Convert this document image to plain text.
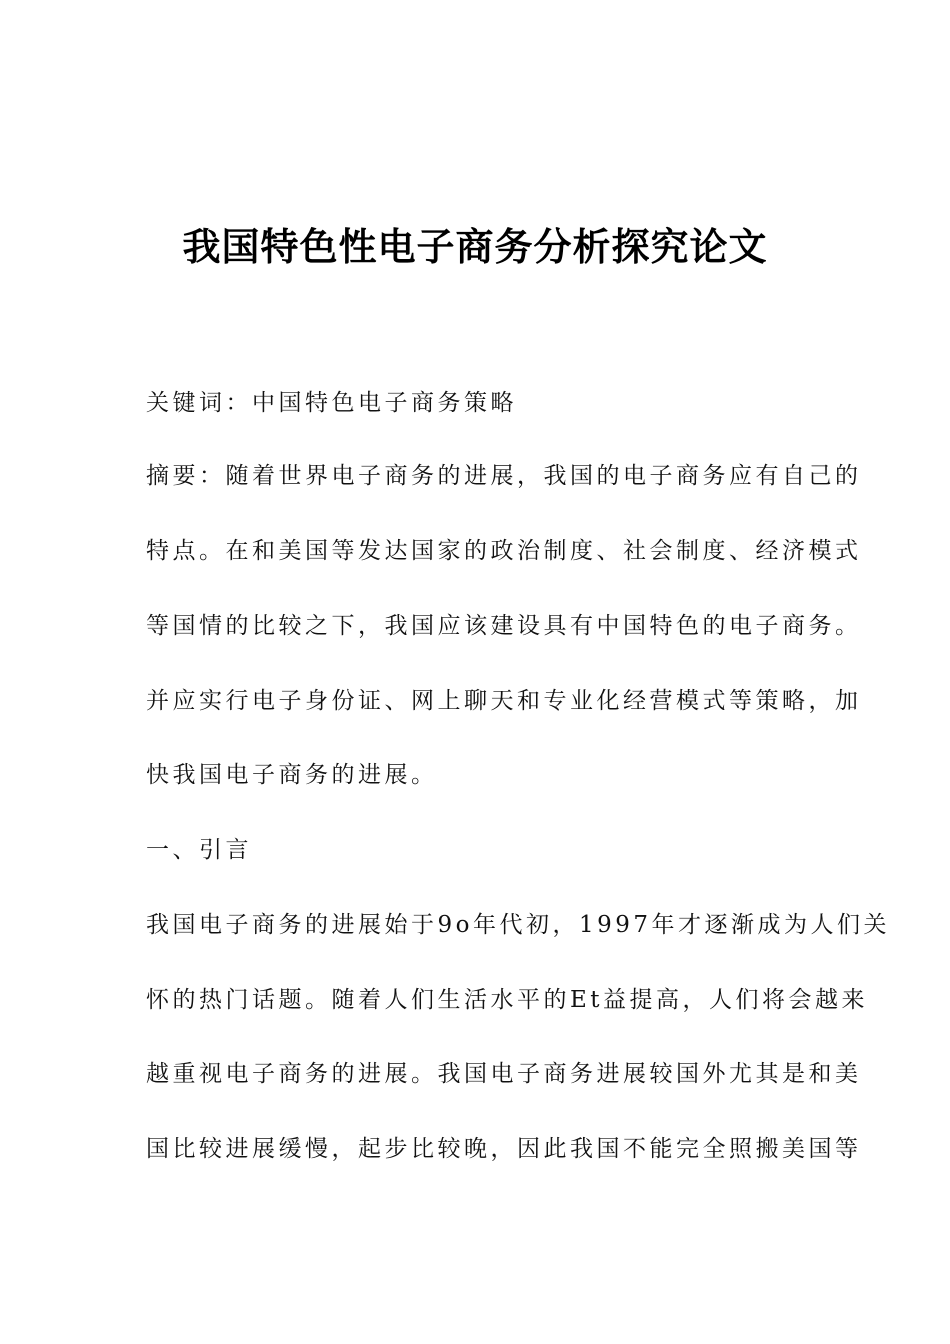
我国特色性电子商务分析探究论文
关键词：中国特色电子商务策略
摘要：随着世界电子商务的进展，我国的电子商务应有自己的
特点。在和美国等发达国家的政治制度、社会制度、经济模式
等国情的比较之下，我国应该建设具有中国特色的电子商务。
并应实行电子身份证、网上聊天和专业化经营模式等策略，加
快我国电子商务的进展。
一、引言
我国电子商务的进展始于9o年代初，1997年才逐渐成为人们关
怀的热门话题。随着人们生活水平的Et益提高，人们将会越来
越重视电子商务的进展。我国电子商务进展较国外尤其是和美
国比较进展缓慢，起步比较晚，因此我国不能完全照搬美国等
